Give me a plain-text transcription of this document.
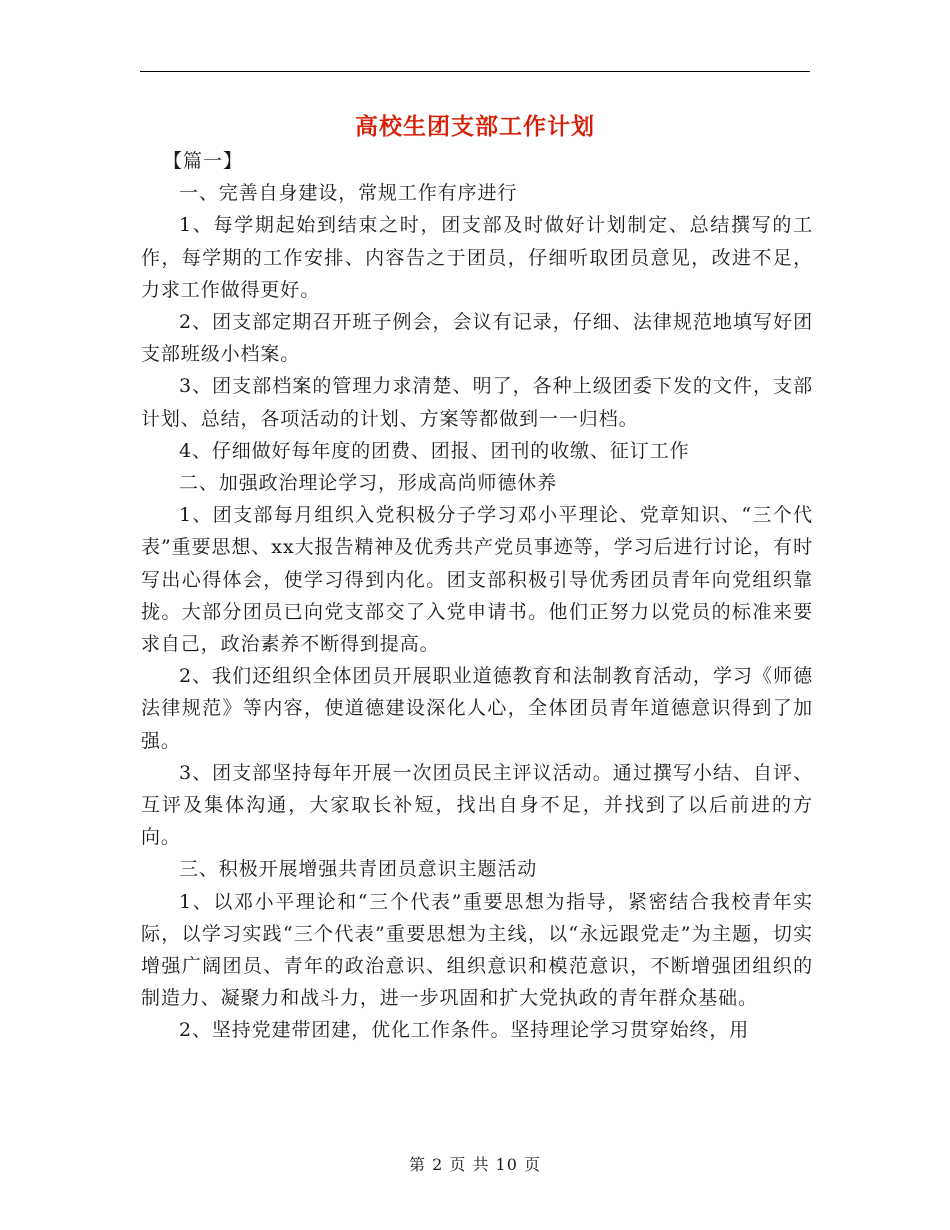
高校生团支部工作计划

【篇一】

一、完善自身建设，常规工作有序进行

1、每学期起始到结束之时，团支部及时做好计划制定、总结撰写的工作，每学期的工作安排、内容告之于团员，仔细听取团员意见，改进不足，力求工作做得更好。

2、团支部定期召开班子例会，会议有记录，仔细、法律规范地填写好团支部班级小档案。

3、团支部档案的管理力求清楚、明了，各种上级团委下发的文件，支部计划、总结，各项活动的计划、方案等都做到一一归档。

4、仔细做好每年度的团费、团报、团刊的收缴、征订工作

二、加强政治理论学习，形成高尚师德休养

1、团支部每月组织入党积极分子学习邓小平理论、党章知识、“三个代表”重要思想、xx大报告精神及优秀共产党员事迹等，学习后进行讨论，有时写出心得体会，使学习得到内化。团支部积极引导优秀团员青年向党组织靠拢。大部分团员已向党支部交了入党申请书。他们正努力以党员的标准来要求自己，政治素养不断得到提高。

2、我们还组织全体团员开展职业道德教育和法制教育活动，学习《师德法律规范》等内容，使道德建设深化人心，全体团员青年道德意识得到了加强。

3、团支部坚持每年开展一次团员民主评议活动。通过撰写小结、自评、互评及集体沟通，大家取长补短，找出自身不足，并找到了以后前进的方向。

三、积极开展增强共青团员意识主题活动

1、以邓小平理论和“三个代表”重要思想为指导，紧密结合我校青年实际，以学习实践“三个代表”重要思想为主线，以“永远跟党走”为主题，切实增强广阔团员、青年的政治意识、组织意识和模范意识，不断增强团组织的制造力、凝聚力和战斗力，进一步巩固和扩大党执政的青年群众基础。

2、坚持党建带团建，优化工作条件。坚持理论学习贯穿始终，用

第 2 页 共 10 页
